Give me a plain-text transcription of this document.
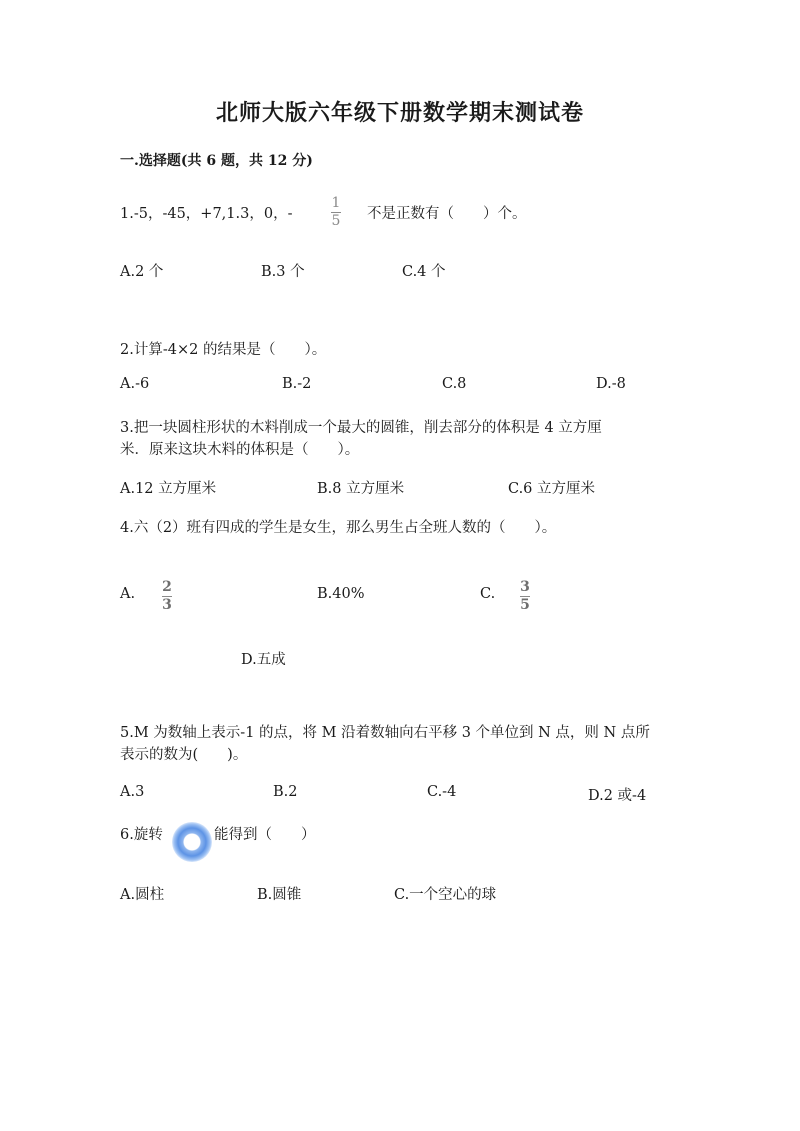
北师大版六年级下册数学期末测试卷
一.选择题(共 6 题，共 12 分)
1.-5，-45，+7,1.3，0，-
1
5 不是正数有（　　）个。
A.2 个	B.3 个	C.4 个
2.计算-4×2 的结果是（　　）。
A.-6	B.-2	C.8	D.-8
3.把一块圆柱形状的木料削成一个最大的圆锥，削去部分的体积是 4 立方厘
米．原来这块木料的体积是（　　）。
A.12 立方厘米	B.8 立方厘米	C.6 立方厘米
4.六（2）班有四成的学生是女生，那么男生占全班人数的（　　）。
A. 2
3
B.40%	C. 3
5
D.五成
5.M 为数轴上表示-1 的点，将 M 沿着数轴向右平移 3 个单位到 N 点，则 N 点所
表示的数为(　　)。
A.3	B.2	C.-4	D.2 或-4
6.旋转	能得到（　　）
A.圆柱	B.圆锥	C.一个空心的球
